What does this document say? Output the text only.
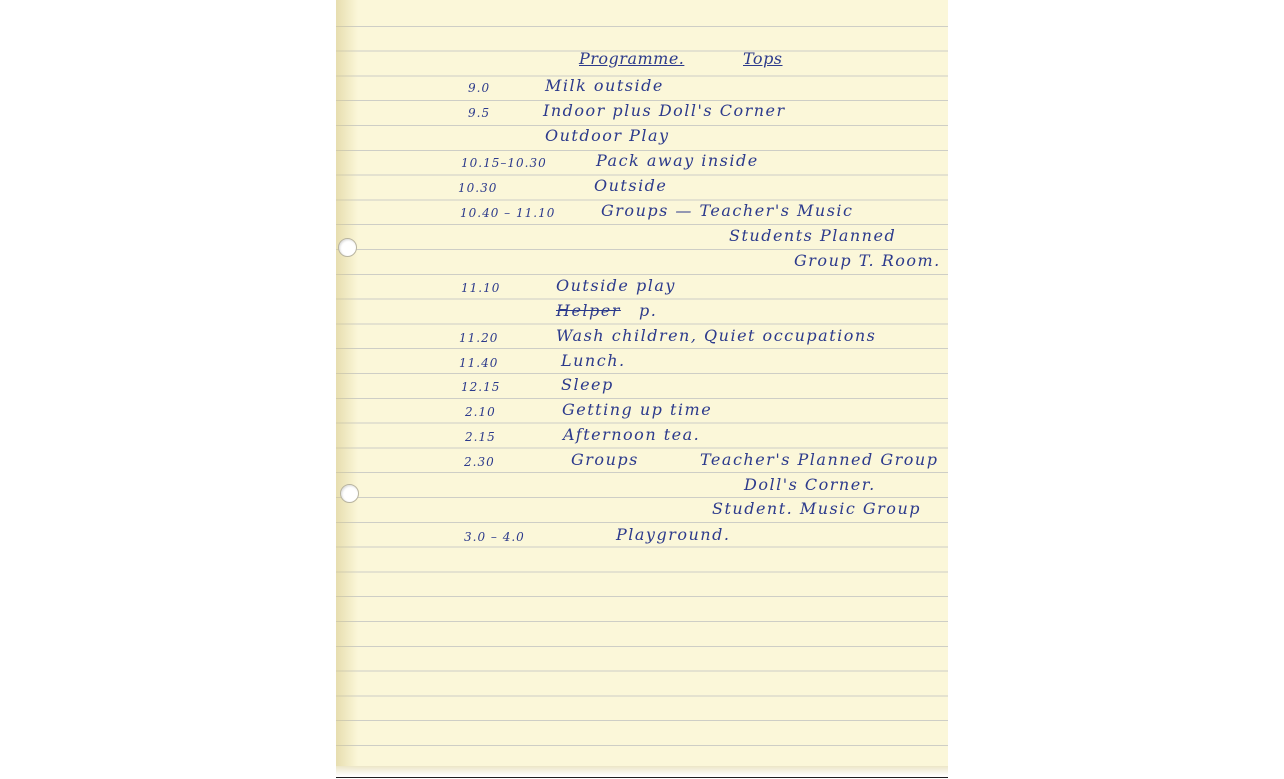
Programme.	Tops
9.0	Milk outside
9.5	Indoor plus Doll's Corner
Outdoor Play
10.15–10.30	Pack away inside
10.30	Outside
10.40 – 11.10	Groups — Teacher's Music
Students Planned
Group T. Room.
11.10	Outside play
Helper p.
11.20	Wash children, Quiet occupations
11.40	Lunch.
12.15	Sleep
2.10	Getting up time
2.15	Afternoon tea.
2.30	Groups	Teacher's Planned Group
Doll's Corner.
Student. Music Group
3.0 – 4.0	Playground.
